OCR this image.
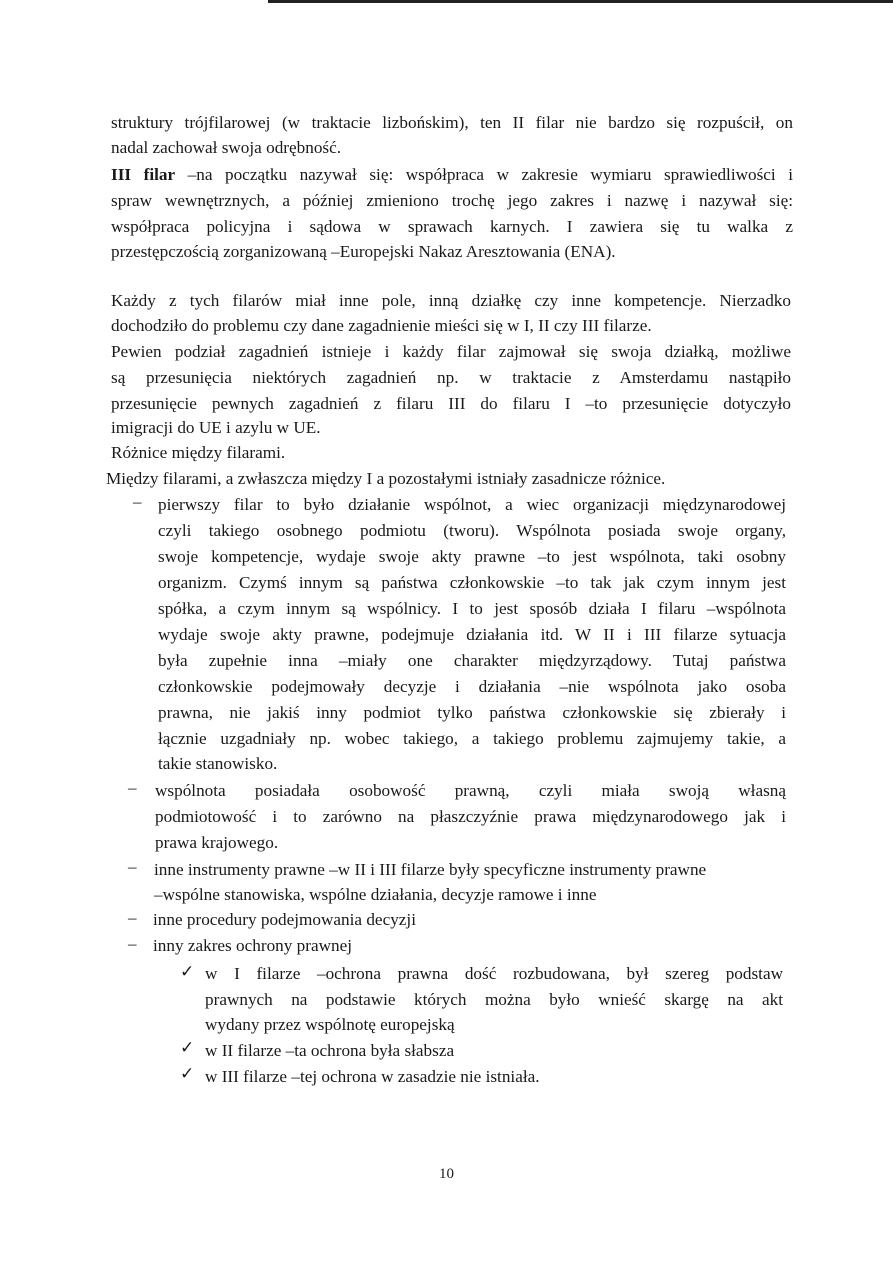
struktury trójfilarowej (w traktacie lizbońskim), ten II filar nie bardzo się rozpuścił, on
nadal zachował swoja odrębność.
III filar –na początku nazywał się: współpraca w zakresie wymiaru sprawiedliwości i
spraw wewnętrznych, a później zmieniono trochę jego zakres i nazwę i nazywał się:
współpraca policyjna i sądowa w sprawach karnych. I zawiera się tu walka z
przestępczością zorganizowaną –Europejski Nakaz Aresztowania (ENA).
Każdy z tych filarów miał inne pole, inną działkę czy inne kompetencje. Nierzadko
dochodziło do problemu czy dane zagadnienie mieści się w I, II czy III filarze.
Pewien podział zagadnień istnieje i każdy filar zajmował się swoja działką, możliwe
są przesunięcia niektórych zagadnień np. w traktacie z Amsterdamu nastąpiło
przesunięcie pewnych zagadnień z filaru III do filaru I –to przesunięcie dotyczyło
imigracji do UE i azylu w UE.
Różnice między filarami.
Między filarami, a zwłaszcza między I a pozostałymi istniały zasadnicze różnice.
– pierwszy filar to było działanie wspólnot, a wiec organizacji międzynarodowej
czyli takiego osobnego podmiotu (tworu). Wspólnota posiada swoje organy,
swoje kompetencje, wydaje swoje akty prawne –to jest wspólnota, taki osobny
organizm. Czymś innym są państwa członkowskie –to tak jak czym innym jest
spółka, a czym innym są wspólnicy. I to jest sposób działa I filaru –wspólnota
wydaje swoje akty prawne, podejmuje działania itd. W II i III filarze sytuacja
była zupełnie inna –miały one charakter międzyrządowy. Tutaj państwa
członkowskie podejmowały decyzje i działania –nie wspólnota jako osoba
prawna, nie jakiś inny podmiot tylko państwa członkowskie się zbierały i
łącznie uzgadniały np. wobec takiego, a takiego problemu zajmujemy takie, a
takie stanowisko.
– wspólnota posiadała osobowość prawną, czyli miała swoją własną
podmiotowość i to zarówno na płaszczyźnie prawa międzynarodowego jak i
prawa krajowego.
– inne instrumenty prawne –w II i III filarze były specyficzne instrumenty prawne
–wspólne stanowiska, wspólne działania, decyzje ramowe i inne
– inne procedury podejmowania decyzji
– inny zakres ochrony prawnej
✓ w I filarze –ochrona prawna dość rozbudowana, był szereg podstaw
prawnych na podstawie których można było wnieść skargę na akt
wydany przez wspólnotę europejską
✓ w II filarze –ta ochrona była słabsza
✓ w III filarze –tej ochrona w zasadzie nie istniała.
10
